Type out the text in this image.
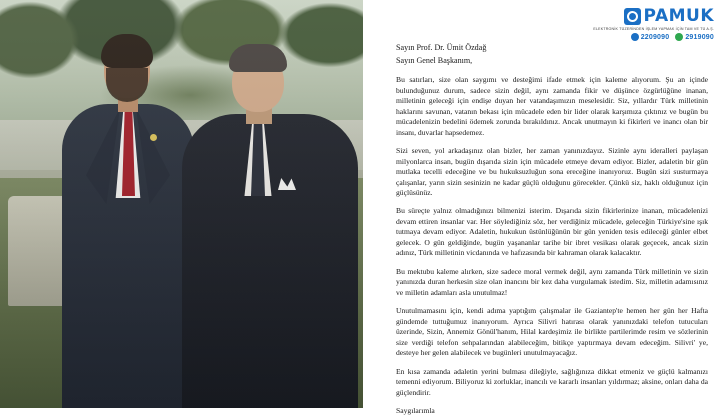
PAMUK
ELEKTRONİK TÜZERİNDEN İŞLEM YAPMAK İÇİN TAM VE TÜ A.Ş.
2209090 2919090
Sayın Prof. Dr. Ümit Özdağ
Sayın Genel Başkanım,

Bu satırları, size olan saygımı ve desteğimi ifade etmek için kaleme alıyorum. Şu an içinde bulunduğunuz durum, sadece sizin değil, aynı zamanda fikir ve düşünce özgürlüğüne inanan, milletinin geleceği için endişe duyan her vatandaşımızın meselesidir. Siz, yıllardır Türk milletinin haklarını savunan, vatanın bekası için mücadele eden bir lider olarak karşımıza çıktınız ve bugün bu mücadelenizin bedelini ödemek zorunda bırakıldınız. Ancak unutmayın ki fikirleri ve inancı olan bir insanı, duvarlar hapsedemez.

Sizi seven, yol arkadaşınız olan bizler, her zaman yanınızdayız. Sizinle aynı ideralleri paylaşan milyonlarca insan, bugün dışarıda sizin için mücadele etmeye devam ediyor. Bizler, adaletin bir gün mutlaka tecelli edeceğine ve bu hukuksuzluğun sona ereceğine inanıyoruz. Bugün sizi susturmaya çalışanlar, yarın sizin sesinizin ne kadar güçlü olduğunu görecekler. Çünkü siz, haklı olduğunuz için güçlüsünüz.

Bu süreçte yalnız olmadığınızı bilmenizi isterim. Dışarıda sizin fikirlerinize inanan, mücadelenizi devam ettiren insanlar var. Her söylediğiniz söz, her verdiğiniz mücadele, geleceğin Türkiye'sine ışık tutmaya devam ediyor. Adaletin, hukukun üstünlüğünün bir gün yeniden tesis edileceği günler elbet gelecek. O gün geldiğinde, bugün yaşananlar tarihe bir ibret vesikası olarak geçecek, ancak sizin adınız, Türk milletinin vicdanında ve hafızasında bir kahraman olarak kalacaktır.

Bu mektubu kaleme alırken, size sadece moral vermek değil, aynı zamanda Türk milletinin ve sizin yanınızda duran herkesin size olan inancını bir kez daha vurgulamak istedim. Siz, milletin adamısınız ve milletin adamları asla unutulmaz!

Unutulmamasını için, kendi adıma yaptığım çalışmalar ile Gaziantep'te hemen her gün her Hafta gündemde tuttuğumuz inanıyorum. Ayrıca Silivri hatırası olarak yanınızdaki telefon tutucuları üzerinde, Sizin, Annemiz Gönül'hanım, Hilal kardeşimiz ile birlikte partilerimde resim ve sözlerinin size verdiği telefon sehpalarından alabileceğim, bitikçe yaptırmaya devam edeceğim. Silivri' ye, desteye her gelen alabilecek ve bugünleri unutulmayacağız.

En kısa zamanda adaletin yerini bulması dileğiyle, sağlığınıza dikkat etmeniz ve güçlü kalmanızı temenni ediyorum. Biliyoruz ki zorluklar, inancılı ve kararlı insanları yıldırmaz; aksine, onları daha da güçlendirir.

Saygılarımla
